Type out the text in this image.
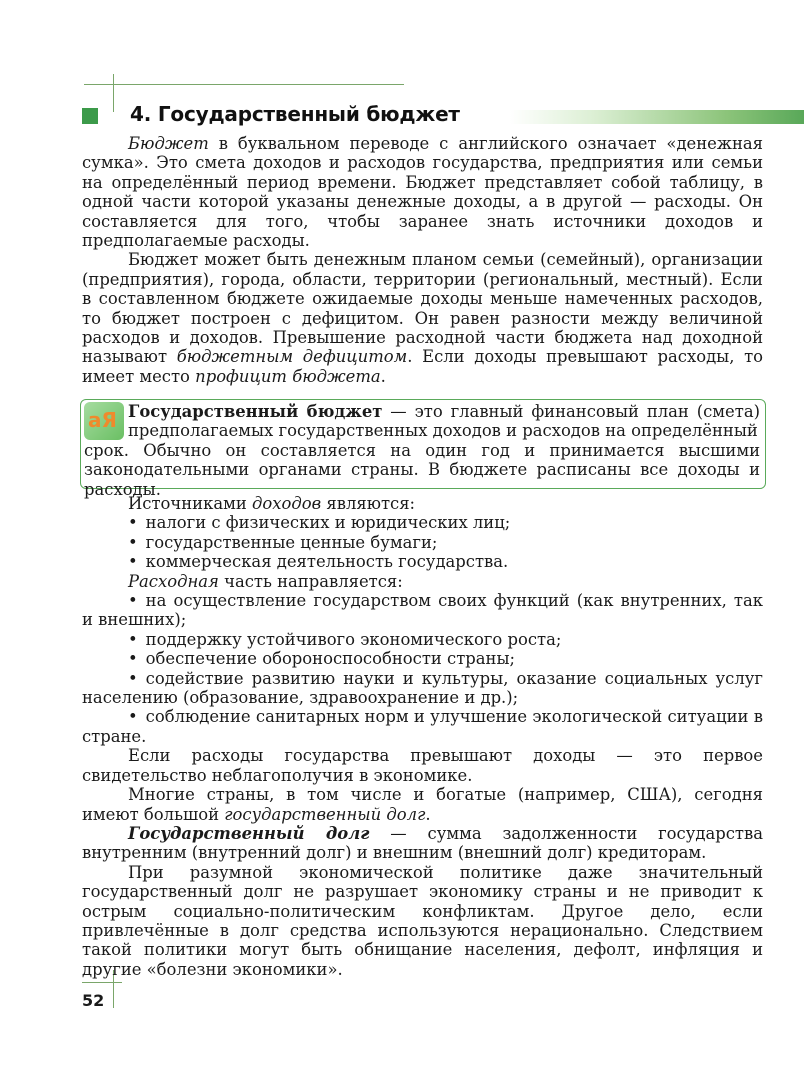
4. Государственный бюджет

Бюджет в буквальном переводе с английского означает «денежная сумка». Это смета доходов и расходов государства, предприятия или семьи на определённый период времени. Бюджет представляет собой таблицу, в одной части которой указаны денежные доходы, а в другой — расходы. Он составляется для того, чтобы заранее знать источники доходов и предполагаемые расходы.

Бюджет может быть денежным планом семьи (семейный), организации (предприятия), города, области, территории (региональный, местный). Если в составленном бюджете ожидаемые доходы меньше намеченных расходов, то бюджет построен с дефицитом. Он равен разности между величиной расходов и доходов. Превышение расходной части бюджета над доходной называют бюджетным дефицитом. Если доходы превышают расходы, то имеет место профицит бюджета.

аЯ Государственный бюджет — это главный финансовый план (смета) предполагаемых государственных доходов и расходов на определённый
срок. Обычно он составляется на один год и принимается высшими законодательными органами страны. В бюджете расписаны все доходы и расходы.

Источниками доходов являются:

• налоги с физических и юридических лиц;

• государственные ценные бумаги;

• коммерческая деятельность государства.

Расходная часть направляется:

• на осуществление государством своих функций (как внутренних, так и внешних);

• поддержку устойчивого экономического роста;

• обеспечение обороноспособности страны;

• содействие развитию науки и культуры, оказание социальных услуг населению (образование, здравоохранение и др.);

• соблюдение санитарных норм и улучшение экологической ситуации в стране.

Если расходы государства превышают доходы — это первое свидетельство неблагополучия в экономике.

Многие страны, в том числе и богатые (например, США), сегодня имеют большой государственный долг.

Государственный долг — сумма задолженности государства внутренним (внутренний долг) и внешним (внешний долг) кредиторам.

При разумной экономической политике даже значительный государственный долг не разрушает экономику страны и не приводит к острым социально-политическим конфликтам. Другое дело, если привлечённые в долг средства используются нерационально. Следствием такой политики могут быть обнищание населения, дефолт, инфляция и другие «болезни экономики».

52
